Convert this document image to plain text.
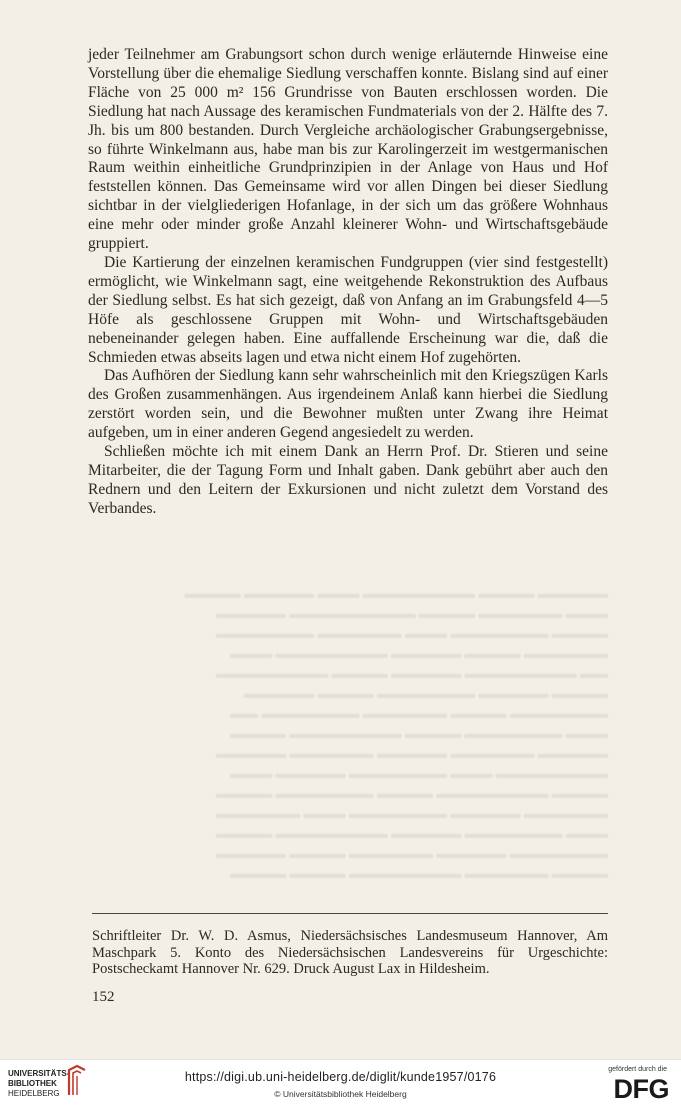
▬▬▬▬▬ ▬▬▬▬ ▬▬▬▬▬▬▬▬ ▬▬▬ ▬▬▬▬▬ ▬▬▬▬
▬▬▬ ▬▬▬▬▬▬ ▬▬▬▬ ▬▬▬▬▬▬▬▬▬ ▬▬▬▬▬
▬▬▬▬ ▬▬▬▬▬▬▬ ▬▬▬ ▬▬▬▬▬▬ ▬▬▬▬▬▬▬
▬▬▬▬▬▬ ▬▬▬▬ ▬▬▬▬▬ ▬▬▬▬▬▬▬▬ ▬▬▬
▬▬ ▬▬▬▬▬▬▬▬ ▬▬▬▬▬ ▬▬▬▬ ▬▬▬▬▬▬▬▬
▬▬▬▬ ▬▬▬▬▬ ▬▬▬▬▬▬▬ ▬▬▬▬ ▬▬▬▬▬
▬▬▬▬▬▬▬ ▬▬▬▬ ▬▬▬▬▬▬ ▬▬▬▬▬▬▬ ▬▬
▬▬▬ ▬▬▬▬▬▬▬ ▬▬▬▬ ▬▬▬▬▬▬▬▬ ▬▬▬▬
▬▬▬▬▬ ▬▬▬▬▬▬ ▬▬▬▬▬ ▬▬▬▬▬▬ ▬▬▬▬▬
▬▬▬▬▬▬▬▬ ▬▬▬ ▬▬▬▬▬▬▬ ▬▬▬▬▬ ▬▬▬
▬▬▬▬ ▬▬▬▬▬▬▬▬ ▬▬▬▬ ▬▬▬▬▬▬▬ ▬▬▬▬
▬▬▬▬▬▬ ▬▬▬▬▬ ▬▬▬▬▬▬▬ ▬▬▬ ▬▬▬▬▬▬
▬▬▬ ▬▬▬▬▬▬▬ ▬▬▬▬▬ ▬▬▬▬▬▬▬▬ ▬▬▬▬
▬▬▬▬▬▬▬ ▬▬▬▬▬ ▬▬▬▬▬▬ ▬▬▬▬ ▬▬▬▬▬
▬▬▬▬ ▬▬▬▬▬▬ ▬▬▬▬▬▬▬▬ ▬▬▬▬ ▬▬▬▬

jeder Teilnehmer am Grabungsort schon durch wenige erläuternde Hinweise eine Vorstellung über die ehemalige Siedlung verschaffen konnte. Bislang sind auf einer Fläche von 25 000 m² 156 Grundrisse von Bauten erschlossen worden. Die Siedlung hat nach Aussage des keramischen Fundmaterials von der 2. Hälfte des 7. Jh. bis um 800 bestanden. Durch Vergleiche archäologischer Grabungsergebnisse, so führte Winkelmann aus, habe man bis zur Karolingerzeit im westgermanischen Raum weithin einheitliche Grundprinzipien in der Anlage von Haus und Hof feststellen können. Das Gemeinsame wird vor allen Dingen bei dieser Siedlung sichtbar in der vielgliederigen Hofanlage, in der sich um das größere Wohnhaus eine mehr oder minder große Anzahl kleinerer Wohn- und Wirtschaftsgebäude gruppiert.

Die Kartierung der einzelnen keramischen Fundgruppen (vier sind festgestellt) ermöglicht, wie Winkelmann sagt, eine weitgehende Rekonstruktion des Aufbaus der Siedlung selbst. Es hat sich gezeigt, daß von Anfang an im Grabungsfeld 4—5 Höfe als geschlossene Gruppen mit Wohn- und Wirtschaftsgebäuden nebeneinander gelegen haben. Eine auffallende Erscheinung war die, daß die Schmieden etwas abseits lagen und etwa nicht einem Hof zugehörten.

Das Aufhören der Siedlung kann sehr wahrscheinlich mit den Kriegszügen Karls des Großen zusammenhängen. Aus irgendeinem Anlaß kann hierbei die Siedlung zerstört worden sein, und die Bewohner mußten unter Zwang ihre Heimat aufgeben, um in einer anderen Gegend angesiedelt zu werden.

Schließen möchte ich mit einem Dank an Herrn Prof. Dr. Stieren und seine Mitarbeiter, die der Tagung Form und Inhalt gaben. Dank gebührt aber auch den Rednern und den Leitern der Exkursionen und nicht zuletzt dem Vorstand des Verbandes.

Schriftleiter Dr. W. D. Asmus, Niedersächsisches Landesmuseum Hannover, Am Maschpark 5. Konto des Niedersächsischen Landesvereins für Urgeschichte: Postscheckamt Hannover Nr. 629. Druck August Lax in Hildesheim.
152
UNIVERSITÄTS-
BIBLIOTHEK
HEIDELBERG
https://digi.ub.uni-heidelberg.de/diglit/kunde1957/0176
© Universitätsbibliothek Heidelberg
gefördert durch die
DFG
